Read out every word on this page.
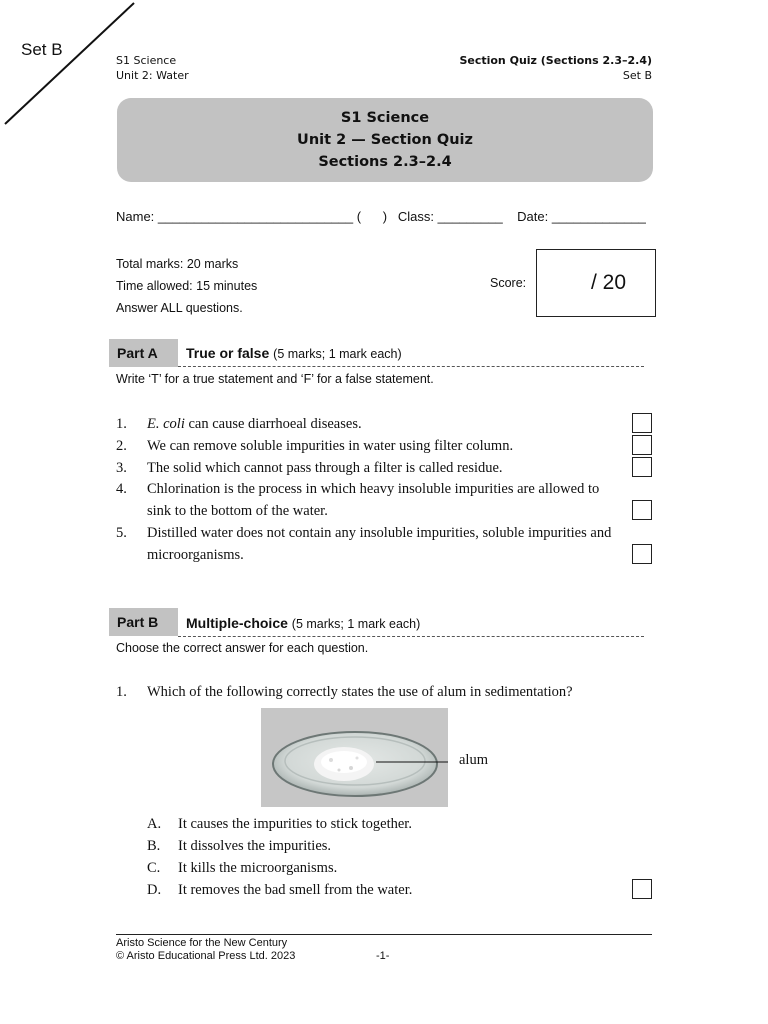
Set B
S1 Science
Unit 2: Water
Section Quiz (Sections 2.3–2.4)
Set B
S1 Science
Unit 2 — Section Quiz
Sections 2.3–2.4
Name: ___________________________ (      )   Class: _________    Date: _____________
Total marks: 20 marks
Time allowed: 15 minutes
Answer ALL questions.
Score:	/ 20
Part A	True or false (5 marks; 1 mark each)
Write ‘T’ for a true statement and ‘F’ for a false statement.
1. E. coli can cause diarrhoeal diseases.
2. We can remove soluble impurities in water using filter column.
3. The solid which cannot pass through a filter is called residue.
4. Chlorination is the process in which heavy insoluble impurities are allowed to
sink to the bottom of the water.
5. Distilled water does not contain any insoluble impurities, soluble impurities and
microorganisms.
Part B	Multiple-choice (5 marks; 1 mark each)
Choose the correct answer for each question.
1. Which of the following correctly states the use of alum in sedimentation?
alum
A. It causes the impurities to stick together.
B. It dissolves the impurities.
C. It kills the microorganisms.
D. It removes the bad smell from the water.
Aristo Science for the New Century
© Aristo Educational Press Ltd. 2023	-1-
